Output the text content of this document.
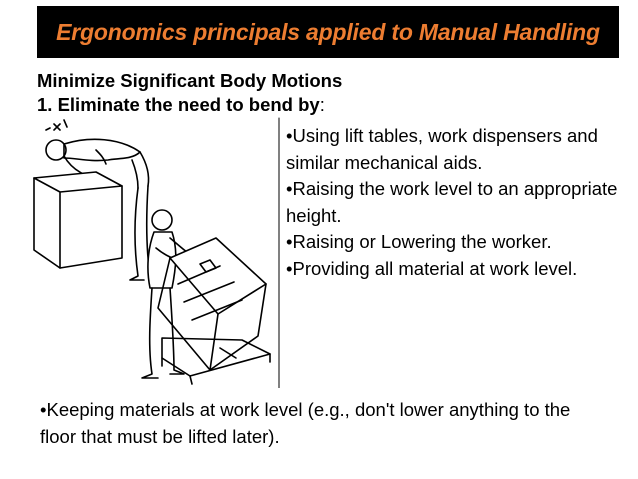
Ergonomics principals applied to Manual Handling
Minimize Significant Body Motions
1. Eliminate the need to bend by:
•Using lift tables, work dispensers and similar mechanical aids.
•Raising the work level to an appropriate height.
•Raising or Lowering the worker.
•Providing all material at work level.
•Keeping materials at work level (e.g., don't lower anything to the floor that must be lifted later).
